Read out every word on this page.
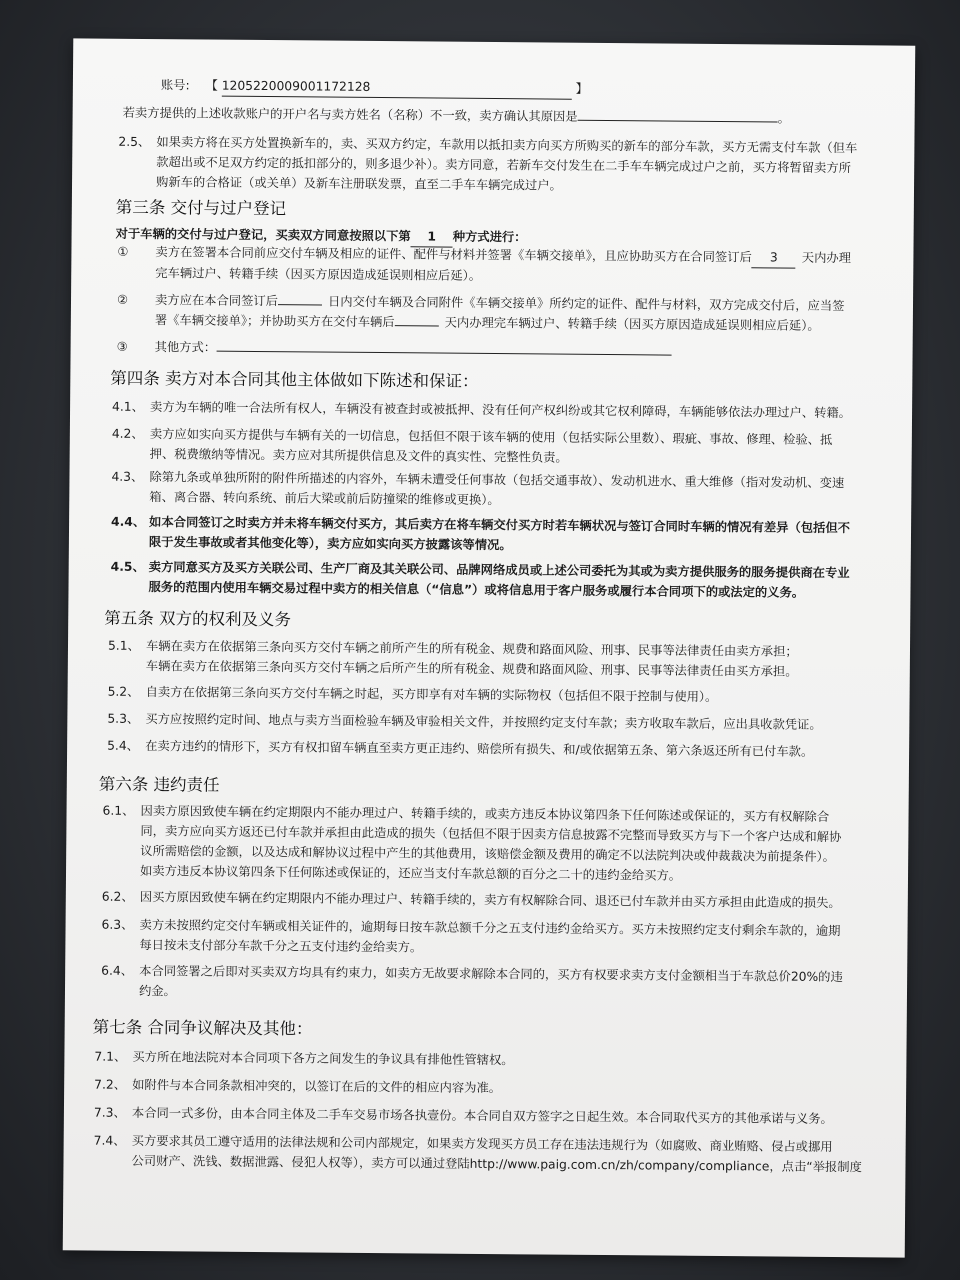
账号: 【 1205220009001172128	】
若卖方提供的上述收款账户的开户名与卖方姓名（名称）不一致，卖方确认其原因是	。
2.5、 如果卖方将在买方处置换新车的，卖、买双方约定，车款用以抵扣卖方向买方所购买的新车的部分车款，买方无需支付车款（但车
款超出或不足双方约定的抵扣部分的，则多退少补）。卖方同意，若新车交付发生在二手车车辆完成过户之前，买方将暂留卖方所
购新车的合格证（或关单）及新车注册联发票，直至二手车车辆完成过户。
第三条 交付与过户登记
对于车辆的交付与过户登记，买卖双方同意按照以下第 1 种方式进行：
① 卖方在签署本合同前应交付车辆及相应的证件、配件与材料并签署《车辆交接单》，且应协助买方在合同签订后 3 天内办理
完车辆过户、转籍手续（因买方原因造成延误则相应后延）。
② 卖方应在本合同签订后	日内交付车辆及合同附件《车辆交接单》所约定的证件、配件与材料，双方完成交付后，应当签
署《车辆交接单》；并协助买方在交付车辆后	天内办理完车辆过户、转籍手续（因买方原因造成延误则相应后延）。
③ 其他方式：
第四条 卖方对本合同其他主体做如下陈述和保证：
4.1、 卖方为车辆的唯一合法所有权人，车辆没有被查封或被抵押、没有任何产权纠纷或其它权利障碍，车辆能够依法办理过户、转籍。
4.2、 卖方应如实向买方提供与车辆有关的一切信息，包括但不限于该车辆的使用（包括实际公里数）、瑕疵、事故、修理、检验、抵
押、税费缴纳等情况。卖方应对其所提供信息及文件的真实性、完整性负责。
4.3、 除第九条或单独所附的附件所描述的内容外，车辆未遭受任何事故（包括交通事故）、发动机进水、重大维修（指对发动机、变速
箱、离合器、转向系统、前后大梁或前后防撞梁的维修或更换）。
4.4、 如本合同签订之时卖方并未将车辆交付买方，其后卖方在将车辆交付买方时若车辆状况与签订合同时车辆的情况有差异（包括但不
限于发生事故或者其他变化等），卖方应如实向买方披露该等情况。
4.5、 卖方同意买方及买方关联公司、生产厂商及其关联公司、品牌网络成员或上述公司委托为其或为卖方提供服务的服务提供商在专业
服务的范围内使用车辆交易过程中卖方的相关信息（“信息”）或将信息用于客户服务或履行本合同项下的或法定的义务。
第五条 双方的权利及义务
5.1、 车辆在卖方在依据第三条向买方交付车辆之前所产生的所有税金、规费和路面风险、刑事、民事等法律责任由卖方承担；
车辆在卖方在依据第三条向买方交付车辆之后所产生的所有税金、规费和路面风险、刑事、民事等法律责任由买方承担。
5.2、 自卖方在依据第三条向买方交付车辆之时起，买方即享有对车辆的实际物权（包括但不限于控制与使用）。
5.3、 买方应按照约定时间、地点与卖方当面检验车辆及审验相关文件，并按照约定支付车款；卖方收取车款后，应出具收款凭证。
5.4、 在卖方违约的情形下，买方有权扣留车辆直至卖方更正违约、赔偿所有损失、和/或依据第五条、第六条返还所有已付车款。
第六条 违约责任
6.1、 因卖方原因致使车辆在约定期限内不能办理过户、转籍手续的，或卖方违反本协议第四条下任何陈述或保证的，买方有权解除合
同，卖方应向买方返还已付车款并承担由此造成的损失（包括但不限于因卖方信息披露不完整而导致买方与下一个客户达成和解协
议所需赔偿的金额，以及达成和解协议过程中产生的其他费用，该赔偿金额及费用的确定不以法院判决或仲裁裁决为前提条件）。
如卖方违反本协议第四条下任何陈述或保证的，还应当支付车款总额的百分之二十的违约金给买方。
6.2、 因买方原因致使车辆在约定期限内不能办理过户、转籍手续的，卖方有权解除合同、退还已付车款并由买方承担由此造成的损失。
6.3、 卖方未按照约定交付车辆或相关证件的，逾期每日按车款总额千分之五支付违约金给买方。买方未按照约定支付剩余车款的，逾期
每日按未支付部分车款千分之五支付违约金给卖方。
6.4、 本合同签署之后即对买卖双方均具有约束力，如卖方无故要求解除本合同的，买方有权要求卖方支付金额相当于车款总价20%的违
约金。
第七条 合同争议解决及其他：
7.1、 买方所在地法院对本合同项下各方之间发生的争议具有排他性管辖权。
7.2、 如附件与本合同条款相冲突的，以签订在后的文件的相应内容为准。
7.3、 本合同一式多份，由本合同主体及二手车交易市场各执壹份。本合同自双方签字之日起生效。本合同取代买方的其他承诺与义务。
7.4、 买方要求其员工遵守适用的法律法规和公司内部规定，如果卖方发现买方员工存在违法违规行为（如腐败、商业贿赂、侵占或挪用
公司财产、洗钱、数据泄露、侵犯人权等），卖方可以通过登陆http://www.paig.com.cn/zh/company/compliance，点击“举报制度
